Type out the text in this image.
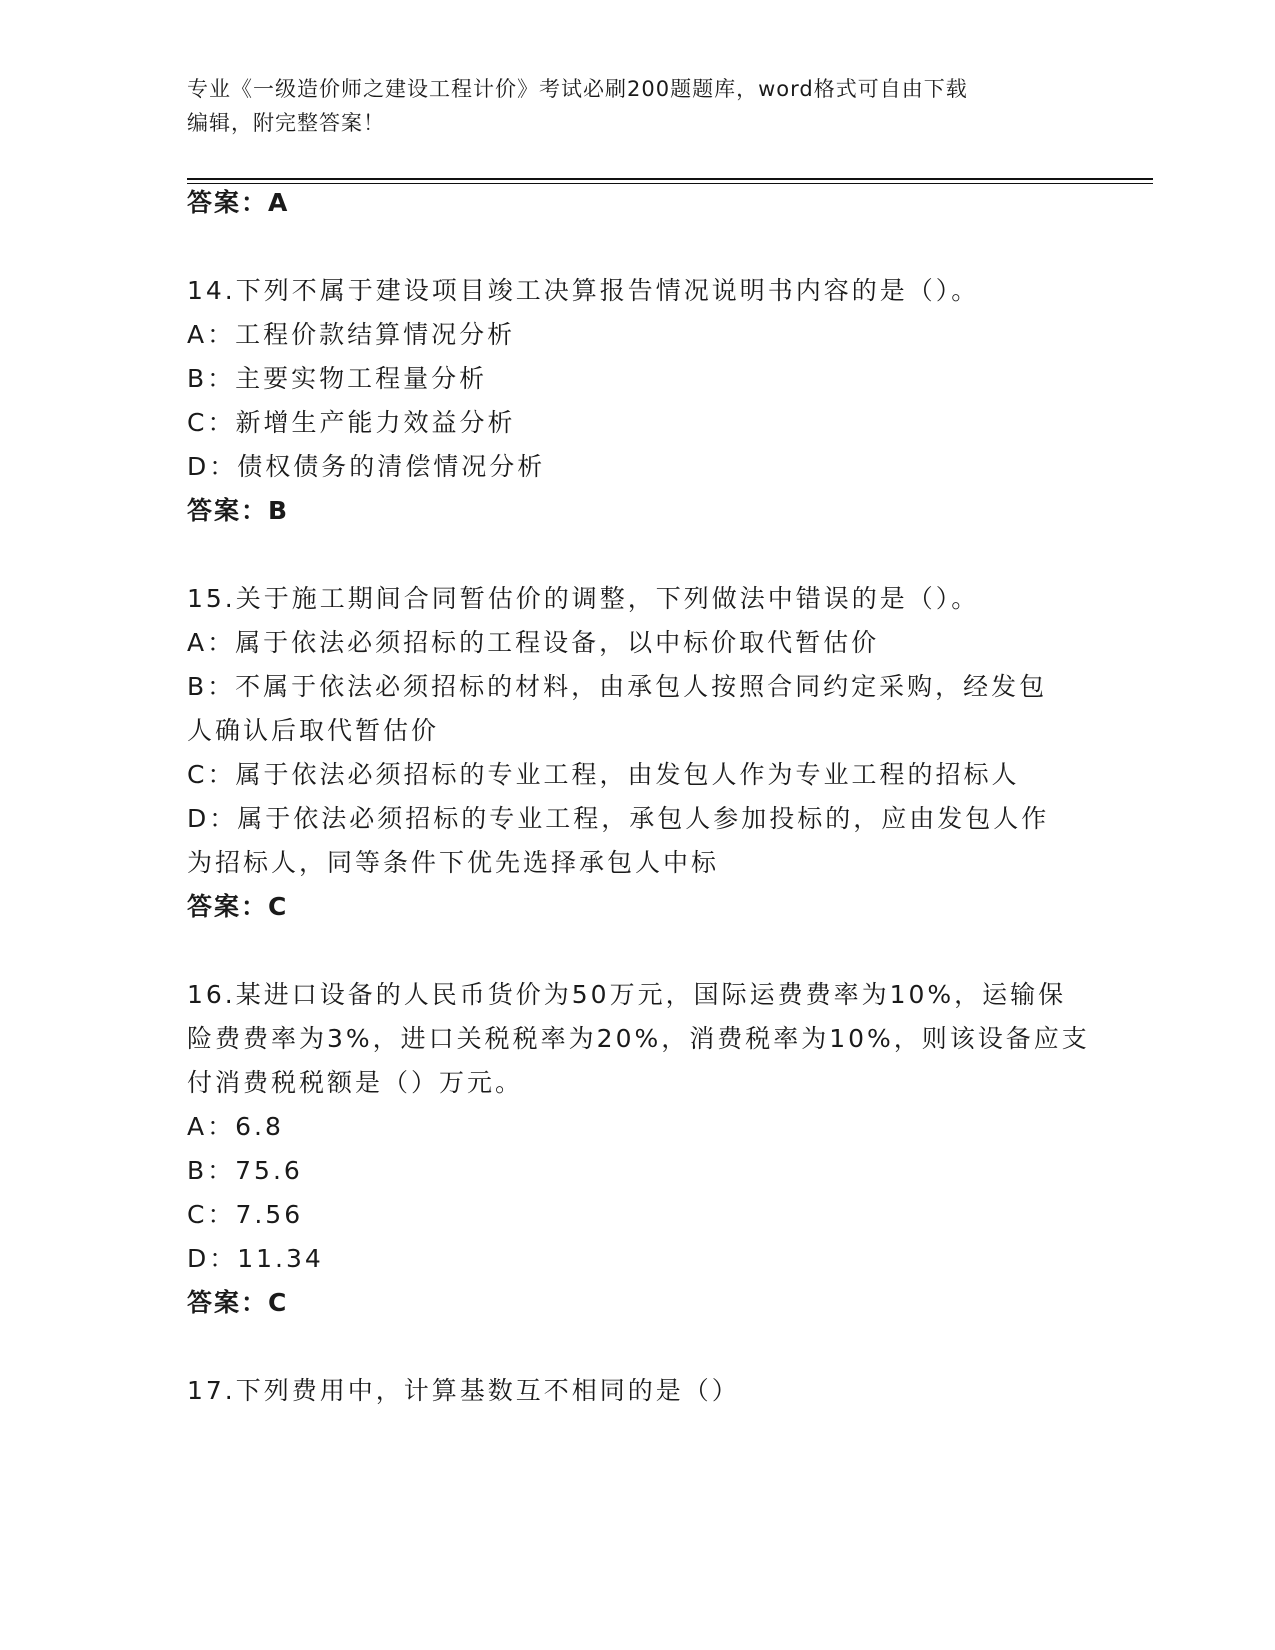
专业《一级造价师之建设工程计价》考试必刷200题题库，word格式可自由下载
编辑，附完整答案！
答案：A
14.下列不属于建设项目竣工决算报告情况说明书内容的是（）。
A：工程价款结算情况分析
B：主要实物工程量分析
C：新增生产能力效益分析
D：债权债务的清偿情况分析
答案：B
15.关于施工期间合同暂估价的调整，下列做法中错误的是（）。
A：属于依法必须招标的工程设备，以中标价取代暂估价
B：不属于依法必须招标的材料，由承包人按照合同约定采购，经发包
人确认后取代暂估价
C：属于依法必须招标的专业工程，由发包人作为专业工程的招标人
D：属于依法必须招标的专业工程，承包人参加投标的，应由发包人作
为招标人，同等条件下优先选择承包人中标
答案：C
16.某进口设备的人民币货价为50万元，国际运费费率为10%，运输保
险费费率为3%，进口关税税率为20%，消费税率为10%，则该设备应支
付消费税税额是（）万元。
A：6.8
B：75.6
C：7.56
D：11.34
答案：C
17.下列费用中，计算基数互不相同的是（）
